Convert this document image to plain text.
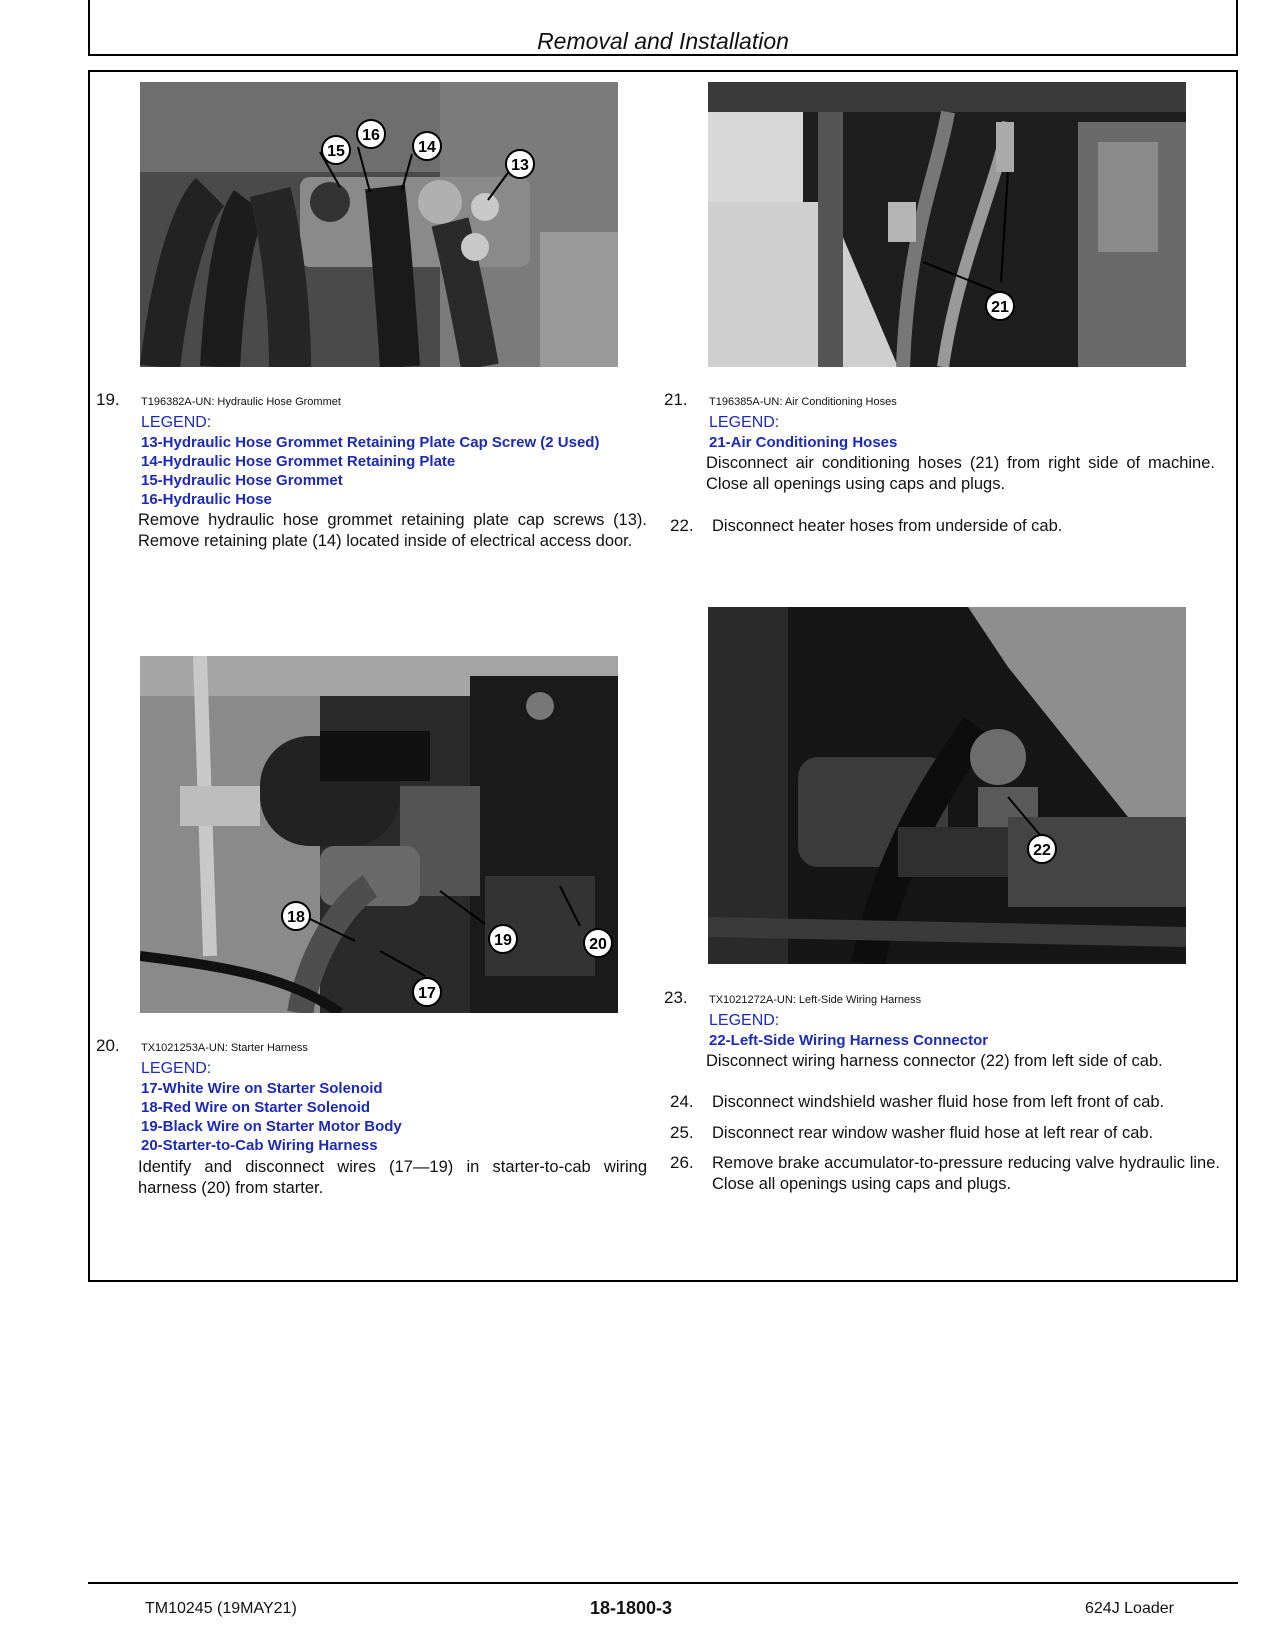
Removal and Installation
15
16
14
13
19. T196382A-UN: Hydraulic Hose Grommet
LEGEND:
13-Hydraulic Hose Grommet Retaining Plate Cap Screw (2 Used)
14-Hydraulic Hose Grommet Retaining Plate
15-Hydraulic Hose Grommet
16-Hydraulic Hose
Remove hydraulic hose grommet retaining plate cap screws (13). Remove retaining plate (14) located inside of electrical access door.
21
21. T196385A-UN: Air Conditioning Hoses
LEGEND:
21-Air Conditioning Hoses
Disconnect air conditioning hoses (21) from right side of machine. Close all openings using caps and plugs.
22. Disconnect heater hoses from underside of cab.
18
19	20
17
20. TX1021253A-UN: Starter Harness
LEGEND:
17-White Wire on Starter Solenoid
18-Red Wire on Starter Solenoid
19-Black Wire on Starter Motor Body
20-Starter-to-Cab Wiring Harness
Identify and disconnect wires (17—19) in starter-to-cab wiring harness (20) from starter.
22
23. TX1021272A-UN: Left-Side Wiring Harness
LEGEND:
22-Left-Side Wiring Harness Connector
Disconnect wiring harness connector (22) from left side of cab.
24. Disconnect windshield washer fluid hose from left front of cab.
25. Disconnect rear window washer fluid hose at left rear of cab.
26. Remove brake accumulator-to-pressure reducing valve hydraulic line. Close all openings using caps and plugs.
TM10245 (19MAY21)	18-1800-3	624J Loader
